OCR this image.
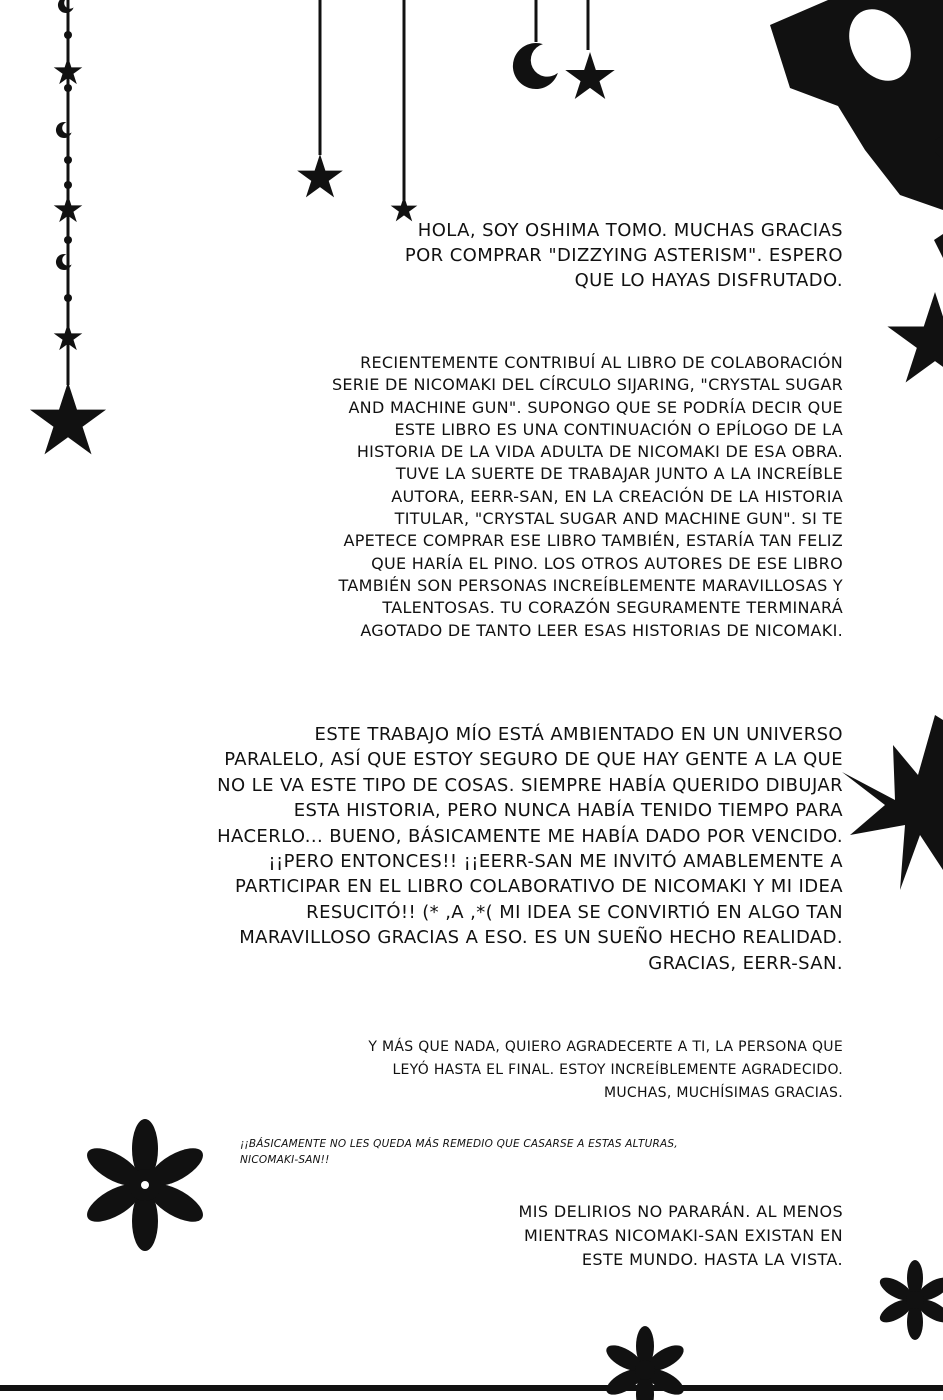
HOLA, SOY OSHIMA TOMO. MUCHAS GRACIAS
POR COMPRAR "DIZZYING ASTERISM". ESPERO
QUE LO HAYAS DISFRUTADO.

RECIENTEMENTE CONTRIBUÍ AL LIBRO DE COLABORACIÓN
SERIE DE NICOMAKI DEL CÍRCULO SIJARING, "CRYSTAL SUGAR
AND MACHINE GUN". SUPONGO QUE SE PODRÍA DECIR QUE
ESTE LIBRO ES UNA CONTINUACIÓN O EPÍLOGO DE LA
HISTORIA DE LA VIDA ADULTA DE NICOMAKI DE ESA OBRA.
TUVE LA SUERTE DE TRABAJAR JUNTO A LA INCREÍBLE
AUTORA, EERR-SAN, EN LA CREACIÓN DE LA HISTORIA
TITULAR, "CRYSTAL SUGAR AND MACHINE GUN". SI TE
APETECE COMPRAR ESE LIBRO TAMBIÉN, ESTARÍA TAN FELIZ
QUE HARÍA EL PINO. LOS OTROS AUTORES DE ESE LIBRO
TAMBIÉN SON PERSONAS INCREÍBLEMENTE MARAVILLOSAS Y
TALENTOSAS. TU CORAZÓN SEGURAMENTE TERMINARÁ
AGOTADO DE TANTO LEER ESAS HISTORIAS DE NICOMAKI.

ESTE TRABAJO MÍO ESTÁ AMBIENTADO EN UN UNIVERSO
PARALELO, ASÍ QUE ESTOY SEGURO DE QUE HAY GENTE A LA QUE
NO LE VA ESTE TIPO DE COSAS. SIEMPRE HABÍA QUERIDO DIBUJAR
ESTA HISTORIA, PERO NUNCA HABÍA TENIDO TIEMPO PARA
HACERLO... BUENO, BÁSICAMENTE ME HABÍA DADO POR VENCIDO.
¡¡PERO ENTONCES!! ¡¡EERR-SAN ME INVITÓ AMABLEMENTE A
PARTICIPAR EN EL LIBRO COLABORATIVO DE NICOMAKI Y MI IDEA
RESUCITÓ!! (* ,A ,*( MI IDEA SE CONVIRTIÓ EN ALGO TAN
MARAVILLOSO GRACIAS A ESO. ES UN SUEÑO HECHO REALIDAD.
GRACIAS, EERR-SAN.

Y MÁS QUE NADA, QUIERO AGRADECERTE A TI, LA PERSONA QUE
LEYÓ HASTA EL FINAL. ESTOY INCREÍBLEMENTE AGRADECIDO.
MUCHAS, MUCHÍSIMAS GRACIAS.

¡¡BÁSICAMENTE NO LES QUEDA MÁS REMEDIO QUE CASARSE A ESTAS ALTURAS,
NICOMAKI-SAN!!

MIS DELIRIOS NO PARARÁN. AL MENOS
MIENTRAS NICOMAKI-SAN EXISTAN EN
ESTE MUNDO. HASTA LA VISTA.
